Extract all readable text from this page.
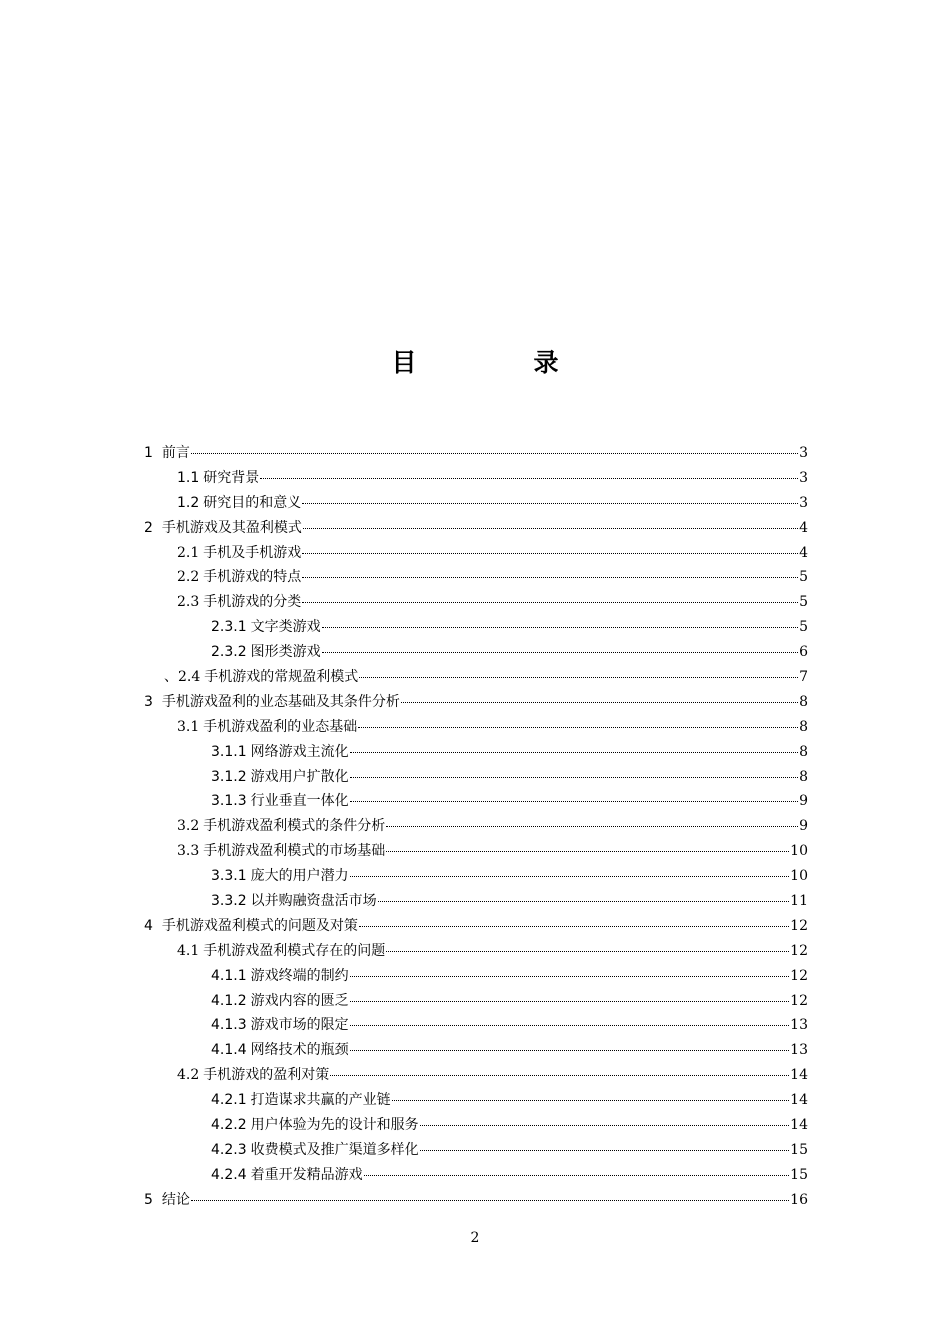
目　录
1 前言	3
1.1 研究背景	3
1.2 研究目的和意义	3
2 手机游戏及其盈利模式	4
2.1 手机及手机游戏	4
2.2 手机游戏的特点	5
2.3 手机游戏的分类	5
2.3.1 文字类游戏	5
2.3.2 图形类游戏	6
、2.4 手机游戏的常规盈利模式	7
3 手机游戏盈利的业态基础及其条件分析	8
3.1 手机游戏盈利的业态基础	8
3.1.1 网络游戏主流化	8
3.1.2 游戏用户扩散化	8
3.1.3 行业垂直一体化	9
3.2 手机游戏盈利模式的条件分析	9
3.3 手机游戏盈利模式的市场基础	10
3.3.1 庞大的用户潜力	10
3.3.2 以并购融资盘活市场	11
4 手机游戏盈利模式的问题及对策	12
4.1 手机游戏盈利模式存在的问题	12
4.1.1 游戏终端的制约	12
4.1.2 游戏内容的匮乏	12
4.1.3 游戏市场的限定	13
4.1.4 网络技术的瓶颈	13
4.2 手机游戏的盈利对策	14
4.2.1 打造谋求共赢的产业链	14
4.2.2 用户体验为先的设计和服务	14
4.2.3 收费模式及推广渠道多样化	15
4.2.4 着重开发精品游戏	15
5 结论	16
2
